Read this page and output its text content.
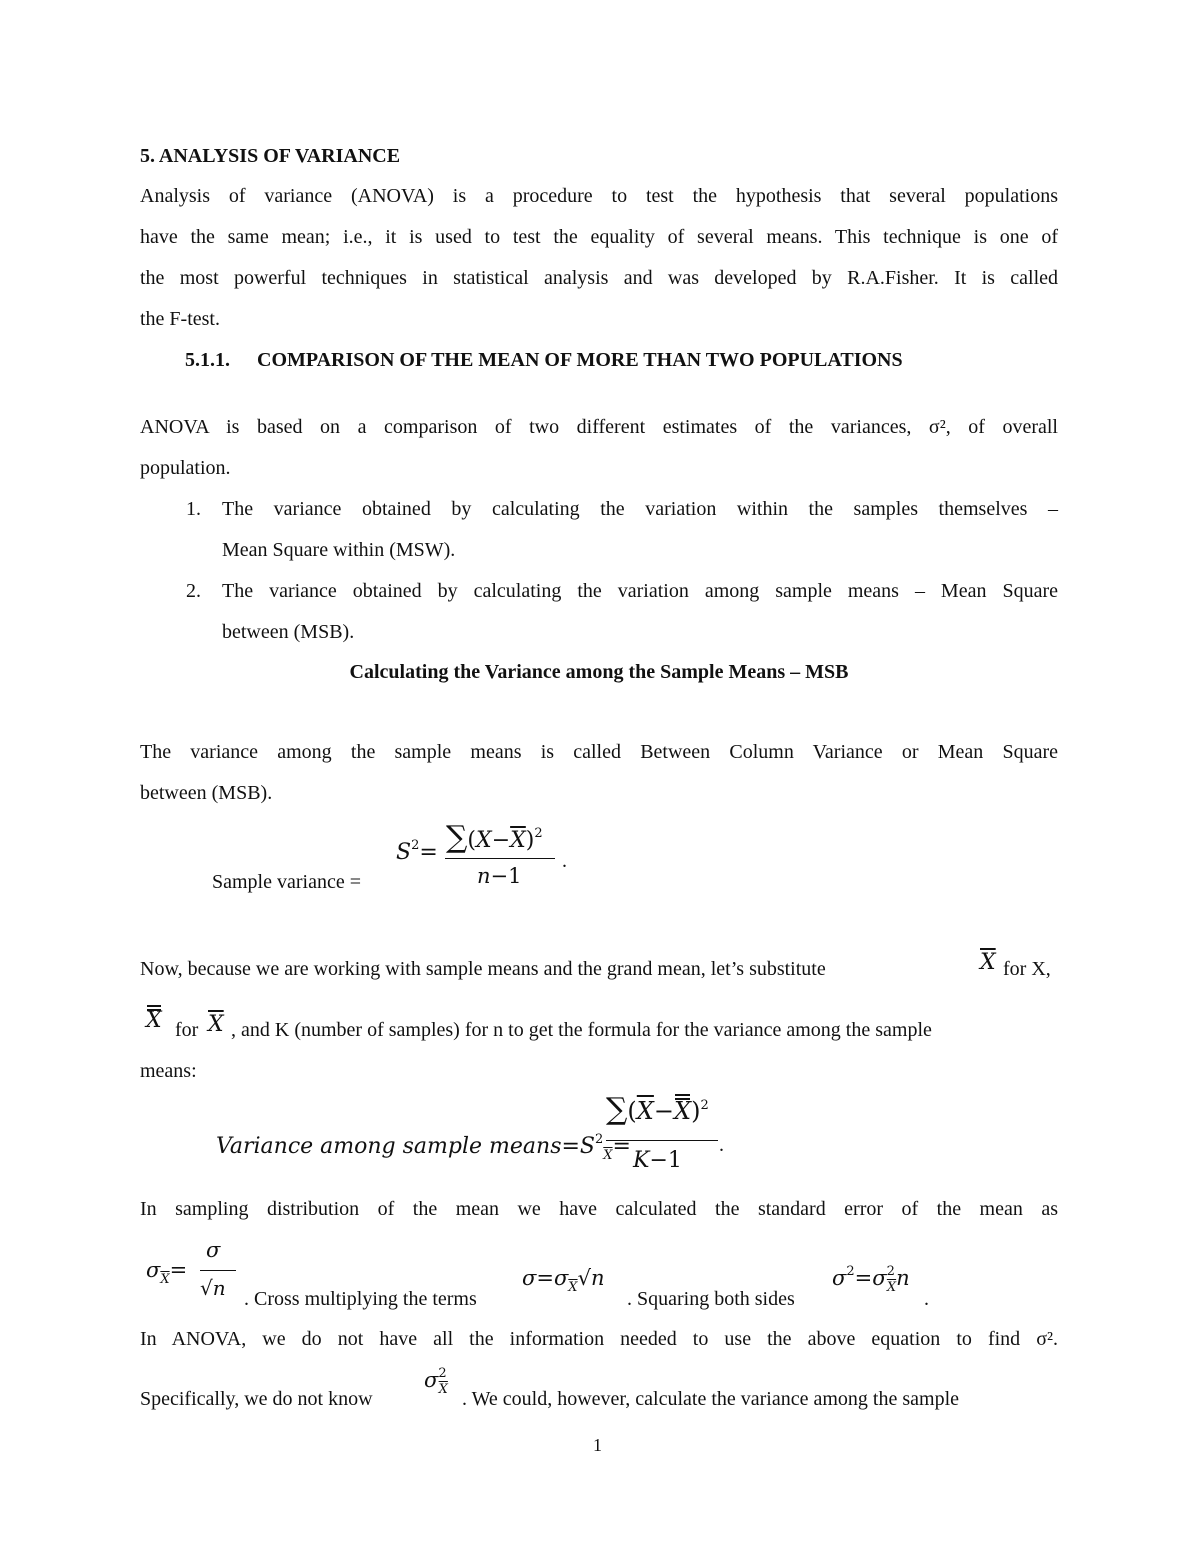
5. ANALYSIS OF VARIANCE
Analysis of variance (ANOVA) is a procedure to test the hypothesis that several populations
have the same mean; i.e., it is used to test the equality of several means. This technique is one of
the most powerful techniques in statistical analysis and was developed by R.A.Fisher. It is called
the F-test.
5.1.1. COMPARISON OF THE MEAN OF MORE THAN TWO POPULATIONS
ANOVA is based on a comparison of two different estimates of the variances, σ², of overall
population.
1. The variance obtained by calculating the variation within the samples themselves –
Mean Square within (MSW).
2. The variance obtained by calculating the variation among sample means – Mean Square
between (MSB).
Calculating the Variance among the Sample Means – MSB
The variance among the sample means is called Between Column Variance or Mean Square
between (MSB).
Sample variance =
$S^2= \sum(X-\overline{X})^2$
n−1
.
Now, because we are working with sample means and the grand mean, let’s substitute	$\overline{X}$ for X,
X for $\overline{X}$ , and K (number of samples) for n to get the formula for the variance among the sample
means:
Variance among sample $means=S^2_{\overline{X}}=$
$\sum(\overline{X}-X)^2$
K−1
.
In sampling distribution of the mean we have calculated the standard error of the mean as
$\sigma_{\overline{X}}=$
σ
√n . Cross multiplying the terms
$\sigma=\sigma_{\overline{X}}√n$
. Squaring both sides
$\sigma^2=\sigma^2_{\overline{X}}n$
.
In ANOVA, we do not have all the information needed to use the above equation to find σ².
Specifically, we do not know
$\sigma^2_{\overline{X}}$ . We could, however, calculate the variance among the sample
1
